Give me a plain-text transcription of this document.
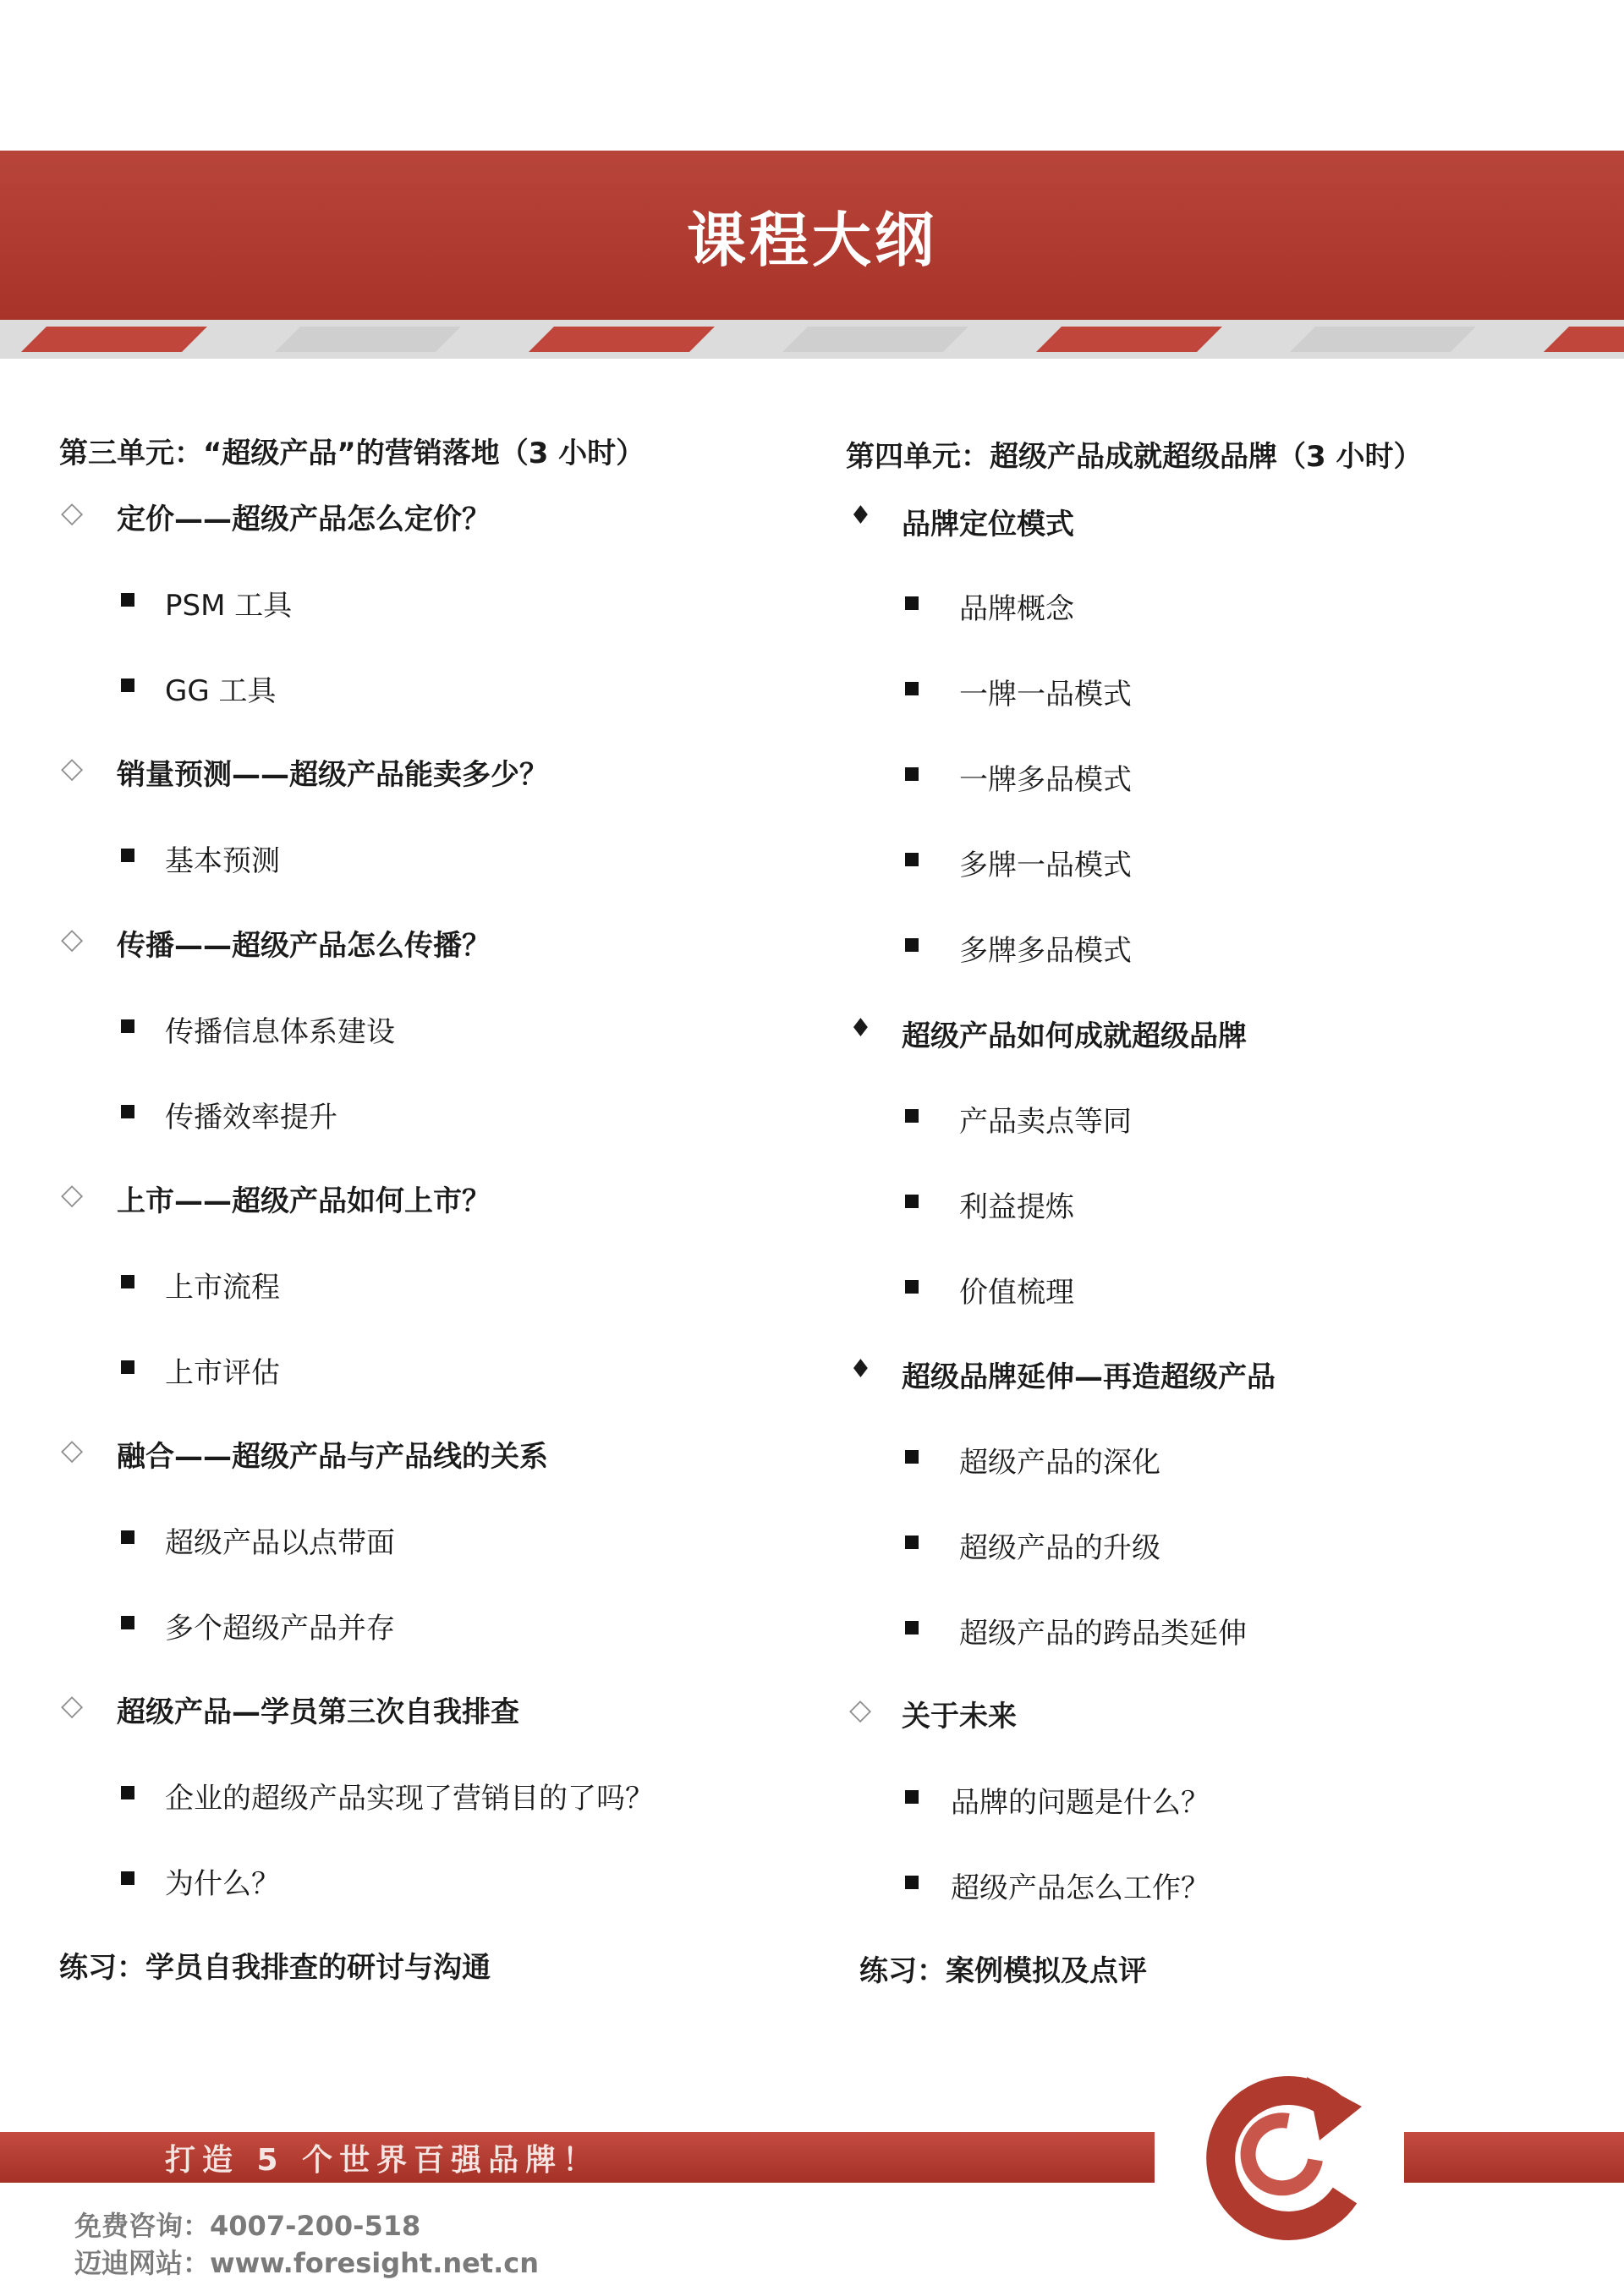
课程大纲
第三单元：“超级产品”的营销落地（3 小时）
◇ 定价——超级产品怎么定价？
PSM 工具
GG 工具
◇ 销量预测——超级产品能卖多少？
基本预测
◇ 传播——超级产品怎么传播？
传播信息体系建设
传播效率提升
◇ 上市——超级产品如何上市？
上市流程
上市评估
◇ 融合——超级产品与产品线的关系
超级产品以点带面
多个超级产品并存
◇ 超级产品—学员第三次自我排查
企业的超级产品实现了营销目的了吗？
为什么？
练习：学员自我排查的研讨与沟通
第四单元：超级产品成就超级品牌（3 小时）
♦ 品牌定位模式
品牌概念
一牌一品模式
一牌多品模式
多牌一品模式
多牌多品模式
♦ 超级产品如何成就超级品牌
产品卖点等同
利益提炼
价值梳理
♦ 超级品牌延伸—再造超级产品
超级产品的深化
超级产品的升级
超级产品的跨品类延伸
◇ 关于未来
品牌的问题是什么？
超级产品怎么工作？
练习：案例模拟及点评
打造 5 个世界百强品牌！
免费咨询：4007-200-518
迈迪网站：www.foresight.net.cn
